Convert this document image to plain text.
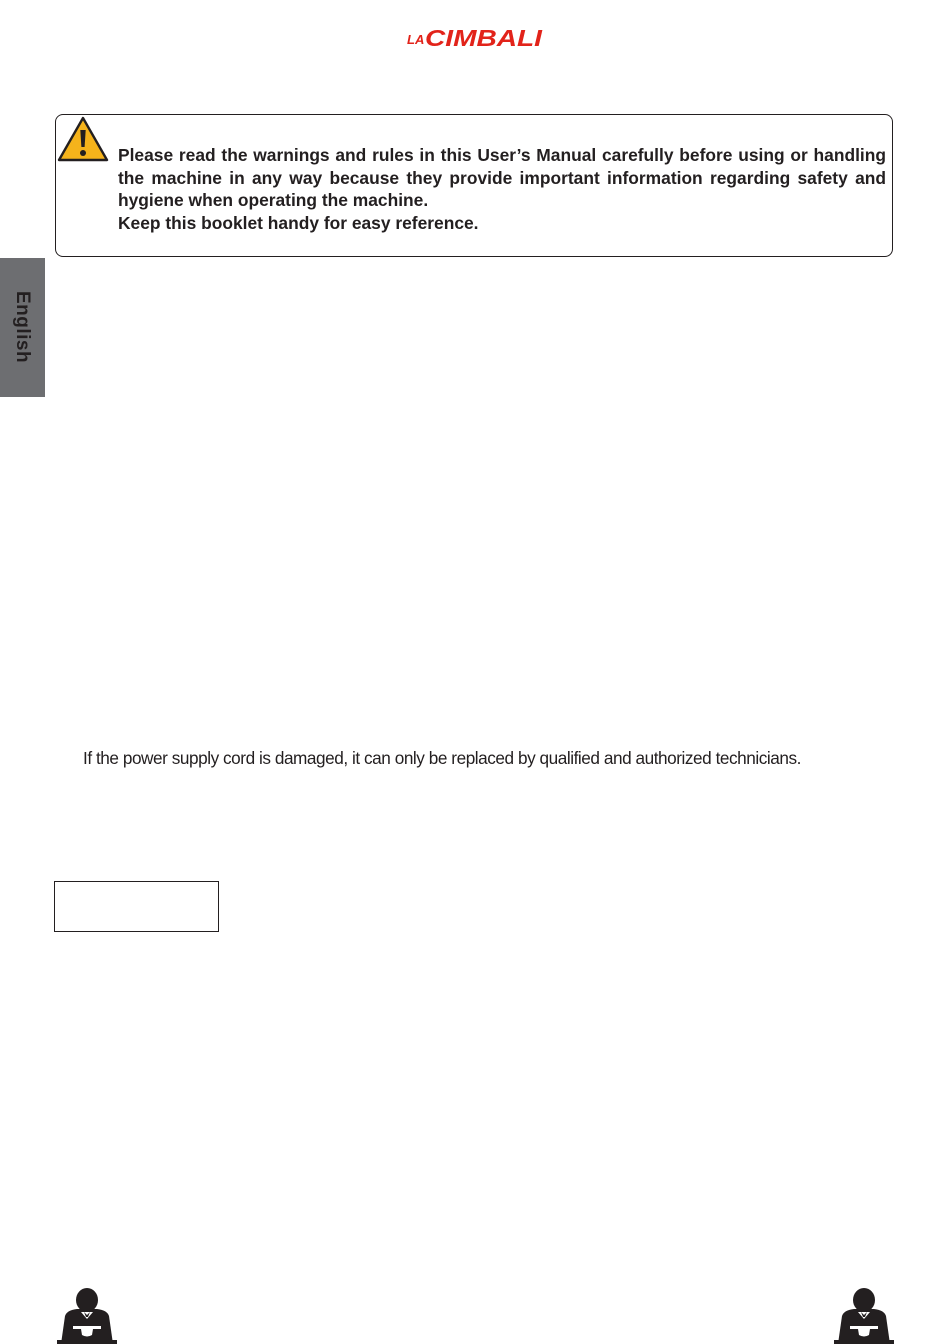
LA CIMBALI

Please read the warnings and rules in this User’s Manual carefully before using or handling the machine in any way because they provide important information regarding safety and hygiene when operating the machine.

Keep this booklet handy for easy reference.

English
If the power supply cord is damaged, it can only be replaced by qualified and authorized technicians.
